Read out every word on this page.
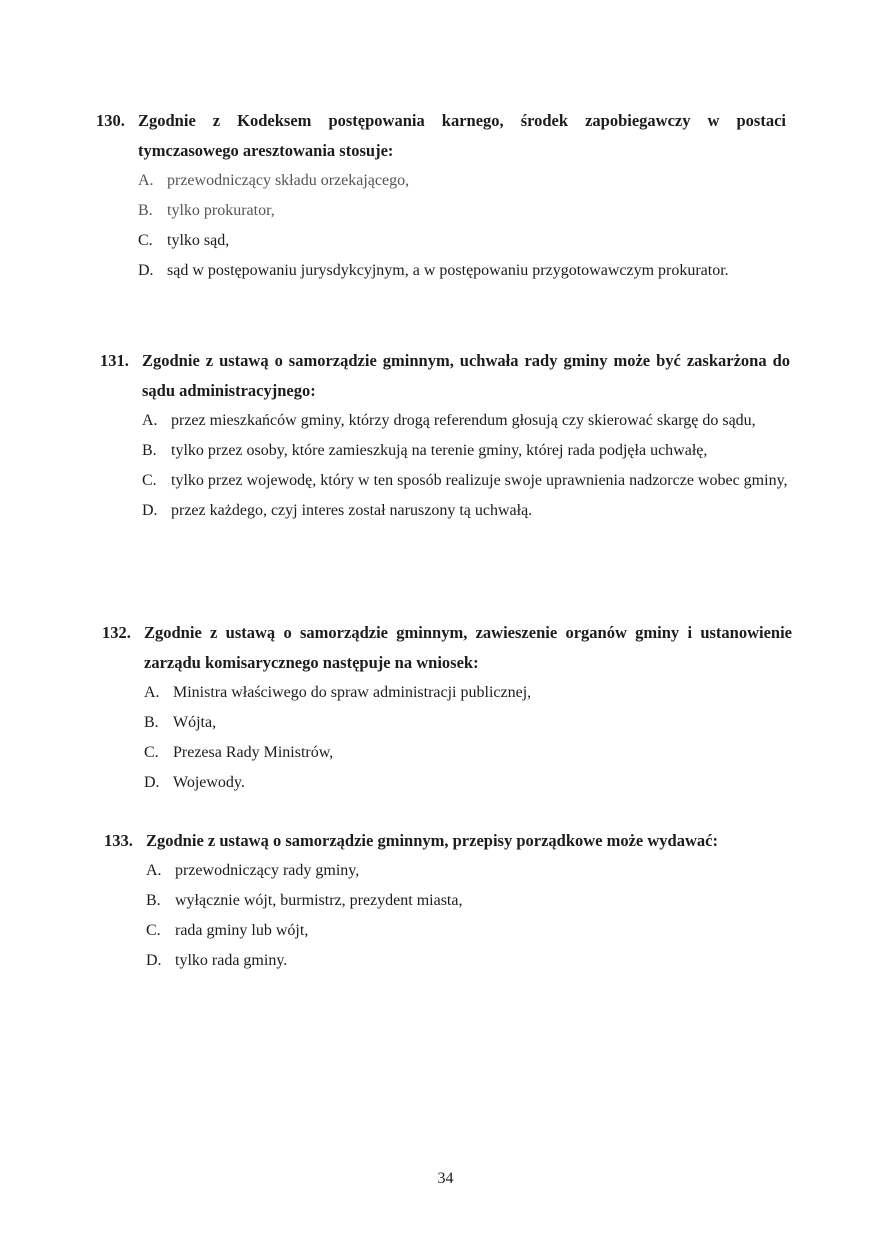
130. Zgodnie z Kodeksem postępowania karnego, środek zapobiegawczy w postaci tymczasowego aresztowania stosuje:
A. przewodniczący składu orzekającego,
B. tylko prokurator,
C. tylko sąd,
D. sąd w postępowaniu jurysdykcyjnym, a w postępowaniu przygotowawczym prokurator.
131. Zgodnie z ustawą o samorządzie gminnym, uchwała rady gminy może być zaskarżona do sądu administracyjnego:
A. przez mieszkańców gminy, którzy drogą referendum głosują czy skierować skargę do sądu,
B. tylko przez osoby, które zamieszkują na terenie gminy, której rada podjęła uchwałę,
C. tylko przez wojewodę, który w ten sposób realizuje swoje uprawnienia nadzorcze wobec gminy,
D. przez każdego, czyj interes został naruszony tą uchwałą.
132. Zgodnie z ustawą o samorządzie gminnym, zawieszenie organów gminy i ustanowienie zarządu komisarycznego następuje na wniosek:
A. Ministra właściwego do spraw administracji publicznej,
B. Wójta,
C. Prezesa Rady Ministrów,
D. Wojewody.
133. Zgodnie z ustawą o samorządzie gminnym, przepisy porządkowe może wydawać:
A. przewodniczący rady gminy,
B. wyłącznie wójt, burmistrz, prezydent miasta,
C. rada gminy lub wójt,
D. tylko rada gminy.
34
